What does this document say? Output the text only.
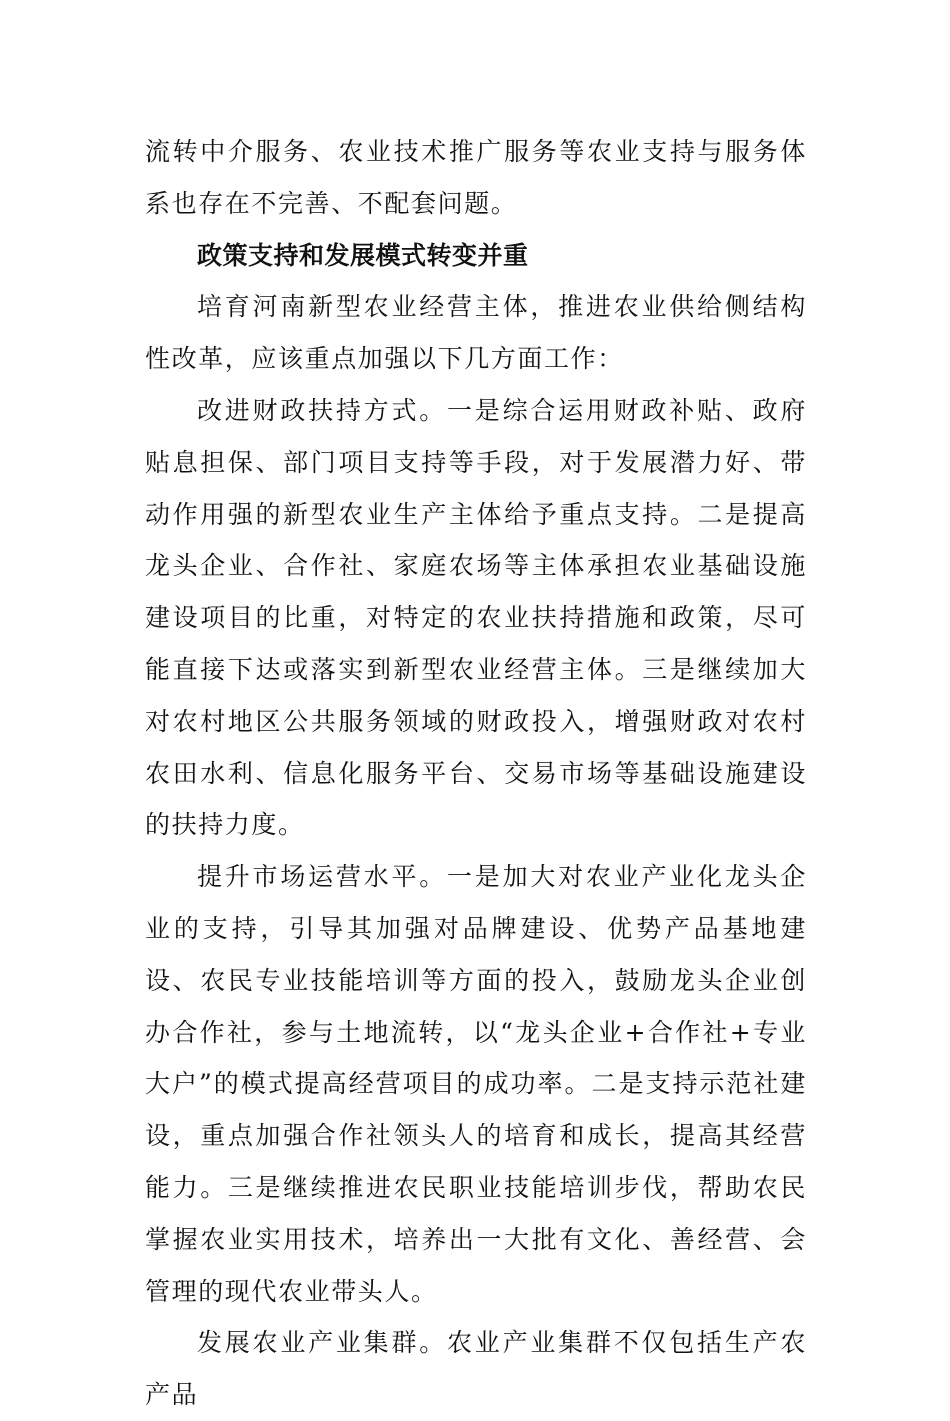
流转中介服务、农业技术推广服务等农业支持与服务体系也存在不完善、不配套问题。

政策支持和发展模式转变并重

培育河南新型农业经营主体，推进农业供给侧结构性改革，应该重点加强以下几方面工作：

改进财政扶持方式。一是综合运用财政补贴、政府贴息担保、部门项目支持等手段，对于发展潜力好、带动作用强的新型农业生产主体给予重点支持。二是提高龙头企业、合作社、家庭农场等主体承担农业基础设施建设项目的比重，对特定的农业扶持措施和政策，尽可能直接下达或落实到新型农业经营主体。三是继续加大对农村地区公共服务领域的财政投入，增强财政对农村农田水利、信息化服务平台、交易市场等基础设施建设的扶持力度。

提升市场运营水平。一是加大对农业产业化龙头企业的支持，引导其加强对品牌建设、优势产品基地建设、农民专业技能培训等方面的投入，鼓励龙头企业创办合作社，参与土地流转，以“龙头企业+合作社+专业大户”的模式提高经营项目的成功率。二是支持示范社建设，重点加强合作社领头人的培育和成长，提高其经营能力。三是继续推进农民职业技能培训步伐，帮助农民掌握农业实用技术，培养出一大批有文化、善经营、会管理的现代农业带头人。

发展农业产业集群。农业产业集群不仅包括生产农产品
